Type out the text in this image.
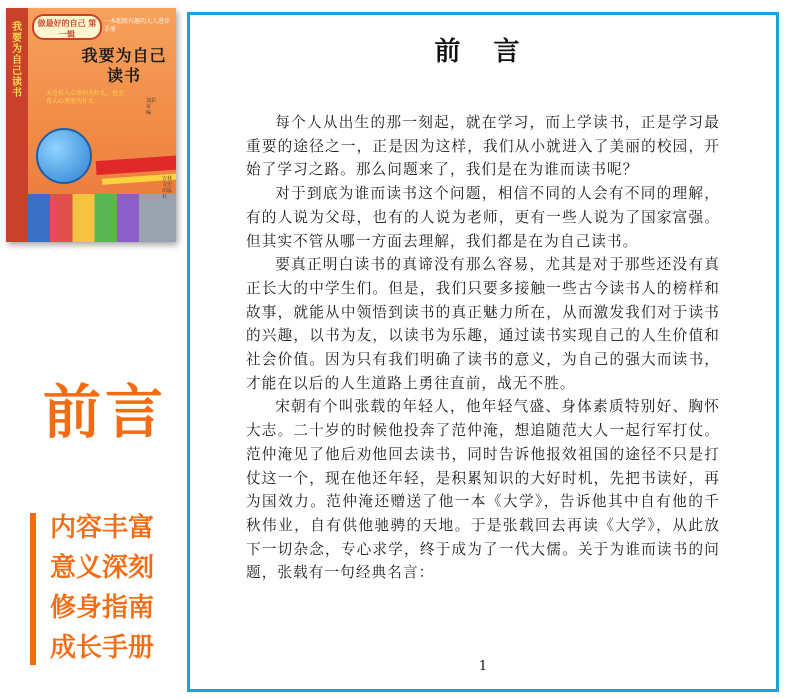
我要为自己读书
做最好的自己 第一辑
一本超级有趣的大人进步手册
我要为自己读书
天会有人心里的为什么，也会有人心里的为什么	刘彩荣 编
吉林文史出版社
前言
内容丰富
意义深刻
修身指南
成长手册
前 言

每个人从出生的那一刻起，就在学习，而上学读书，正是学习最重要的途径之一，正是因为这样，我们从小就进入了美丽的校园，开始了学习之路。那么问题来了，我们是在为谁而读书呢？

对于到底为谁而读书这个问题，相信不同的人会有不同的理解，有的人说为父母，也有的人说为老师，更有一些人说为了国家富强。但其实不管从哪一方面去理解，我们都是在为自己读书。

要真正明白读书的真谛没有那么容易，尤其是对于那些还没有真正长大的中学生们。但是，我们只要多接触一些古今读书人的榜样和故事，就能从中领悟到读书的真正魅力所在，从而激发我们对于读书的兴趣，以书为友，以读书为乐趣，通过读书实现自己的人生价值和社会价值。因为只有我们明确了读书的意义，为自己的强大而读书，才能在以后的人生道路上勇往直前，战无不胜。

宋朝有个叫张载的年轻人，他年轻气盛、身体素质特别好、胸怀大志。二十岁的时候他投奔了范仲淹，想追随范大人一起行军打仗。范仲淹见了他后劝他回去读书，同时告诉他报效祖国的途径不只是打仗这一个，现在他还年轻，是积累知识的大好时机，先把书读好，再为国效力。范仲淹还赠送了他一本《大学》，告诉他其中自有他的千秋伟业，自有供他驰骋的天地。于是张载回去再读《大学》，从此放下一切杂念，专心求学，终于成为了一代大儒。关于为谁而读书的问题，张载有一句经典名言：

1
